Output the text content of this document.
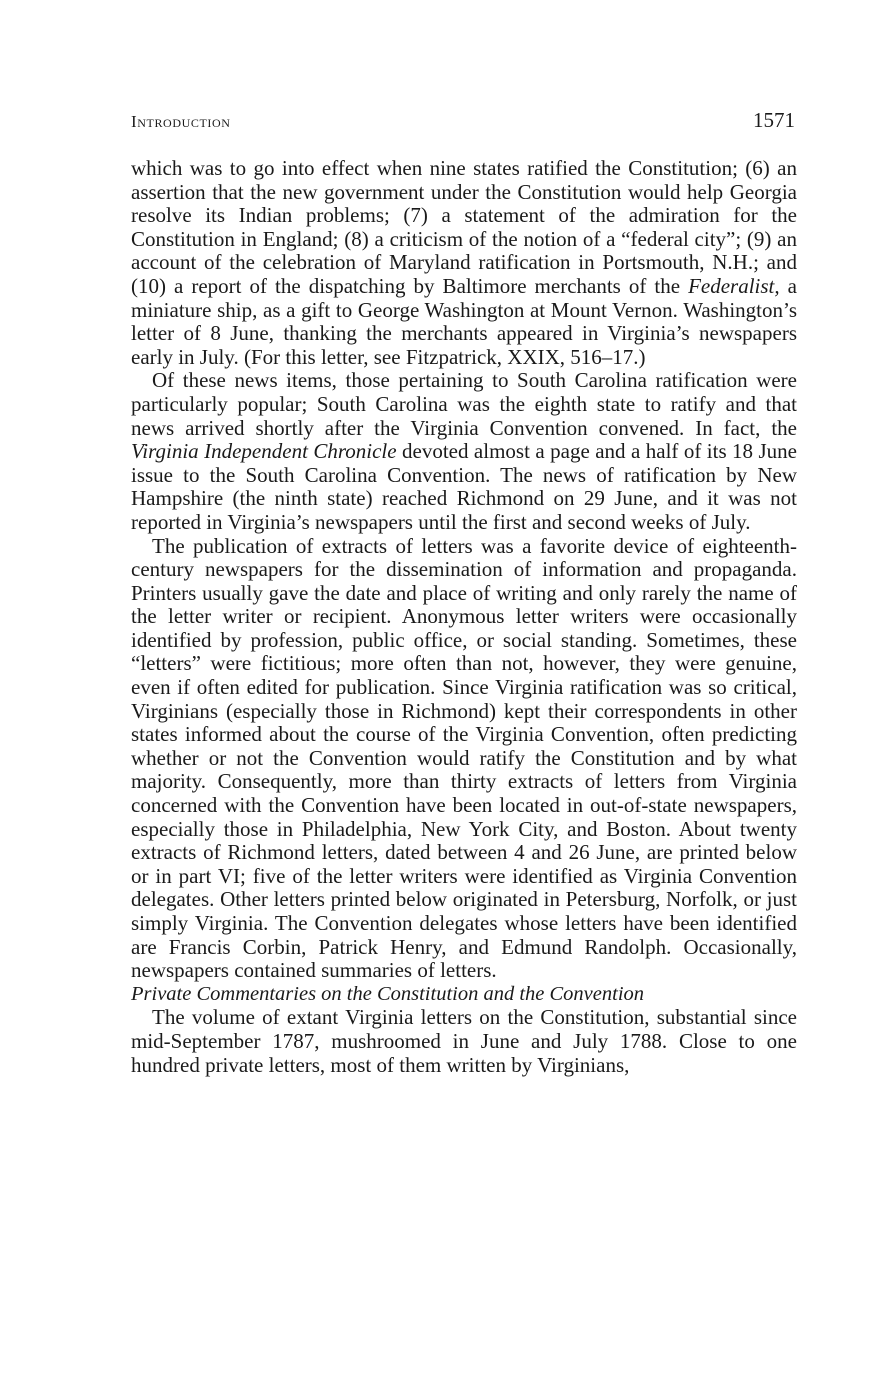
Introduction	1571

which was to go into effect when nine states ratified the Constitution; (6) an assertion that the new government under the Constitution would help Georgia resolve its Indian problems; (7) a statement of the admiration for the Constitution in England; (8) a criticism of the notion of a “federal city”; (9) an account of the celebration of Maryland ratification in Portsmouth, N.H.; and (10) a report of the dispatching by Baltimore merchants of the Federalist, a miniature ship, as a gift to George Washington at Mount Vernon. Washington’s letter of 8 June, thanking the merchants appeared in Virginia’s newspapers early in July. (For this letter, see Fitzpatrick, XXIX, 516–17.)

Of these news items, those pertaining to South Carolina ratification were particularly popular; South Carolina was the eighth state to ratify and that news arrived shortly after the Virginia Convention convened. In fact, the Virginia Independent Chronicle devoted almost a page and a half of its 18 June issue to the South Carolina Convention. The news of ratification by New Hampshire (the ninth state) reached Richmond on 29 June, and it was not reported in Virginia’s newspapers until the first and second weeks of July.

The publication of extracts of letters was a favorite device of eighteenth-century newspapers for the dissemination of information and propaganda. Printers usually gave the date and place of writing and only rarely the name of the letter writer or recipient. Anonymous letter writers were occasionally identified by profession, public office, or social standing. Sometimes, these “letters” were fictitious; more often than not, however, they were genuine, even if often edited for publication. Since Virginia ratification was so critical, Virginians (especially those in Richmond) kept their correspondents in other states informed about the course of the Virginia Convention, often predicting whether or not the Convention would ratify the Constitution and by what majority. Consequently, more than thirty extracts of letters from Virginia concerned with the Convention have been located in out-of-state newspapers, especially those in Philadelphia, New York City, and Boston. About twenty extracts of Richmond letters, dated between 4 and 26 June, are printed below or in part VI; five of the letter writers were identified as Virginia Convention delegates. Other letters printed below originated in Petersburg, Norfolk, or just simply Virginia. The Convention delegates whose letters have been identified are Francis Corbin, Patrick Henry, and Edmund Randolph. Occasionally, newspapers contained summaries of letters.

Private Commentaries on the Constitution and the Convention

The volume of extant Virginia letters on the Constitution, substantial since mid-September 1787, mushroomed in June and July 1788. Close to one hundred private letters, most of them written by Virginians,
